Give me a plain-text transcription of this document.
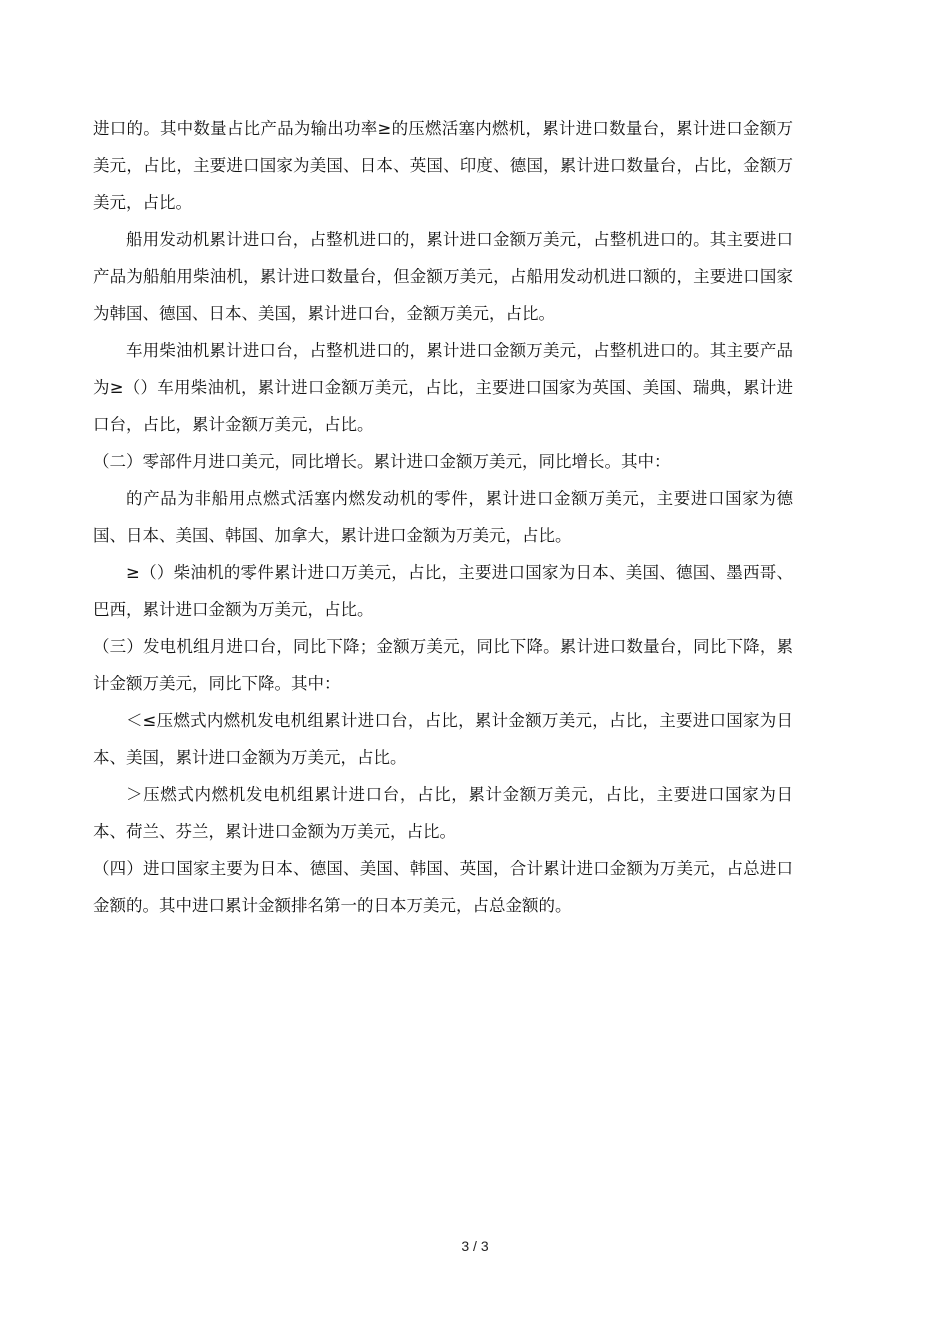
进口的。其中数量占比产品为输出功率≥的压燃活塞内燃机，累计进口数量台，累计进口金额万美元，占比，主要进口国家为美国、日本、英国、印度、德国，累计进口数量台，占比，金额万美元，占比。

船用发动机累计进口台，占整机进口的，累计进口金额万美元，占整机进口的。其主要进口产品为船舶用柴油机，累计进口数量台，但金额万美元，占船用发动机进口额的，主要进口国家为韩国、德国、日本、美国，累计进口台，金额万美元，占比。

车用柴油机累计进口台，占整机进口的，累计进口金额万美元，占整机进口的。其主要产品为≥（）车用柴油机，累计进口金额万美元，占比，主要进口国家为英国、美国、瑞典，累计进口台，占比，累计金额万美元，占比。

（二）零部件月进口美元，同比增长。累计进口金额万美元，同比增长。其中：

的产品为非船用点燃式活塞内燃发动机的零件，累计进口金额万美元，主要进口国家为德国、日本、美国、韩国、加拿大，累计进口金额为万美元，占比。

≥（）柴油机的零件累计进口万美元，占比，主要进口国家为日本、美国、德国、墨西哥、巴西，累计进口金额为万美元，占比。

（三）发电机组月进口台，同比下降；金额万美元，同比下降。累计进口数量台，同比下降，累计金额万美元，同比下降。其中：

＜≤压燃式内燃机发电机组累计进口台，占比，累计金额万美元，占比，主要进口国家为日本、美国，累计进口金额为万美元，占比。

＞压燃式内燃机发电机组累计进口台，占比，累计金额万美元，占比，主要进口国家为日本、荷兰、芬兰，累计进口金额为万美元，占比。

（四）进口国家主要为日本、德国、美国、韩国、英国，合计累计进口金额为万美元，占总进口金额的。其中进口累计金额排名第一的日本万美元，占总金额的。

3 / 3
